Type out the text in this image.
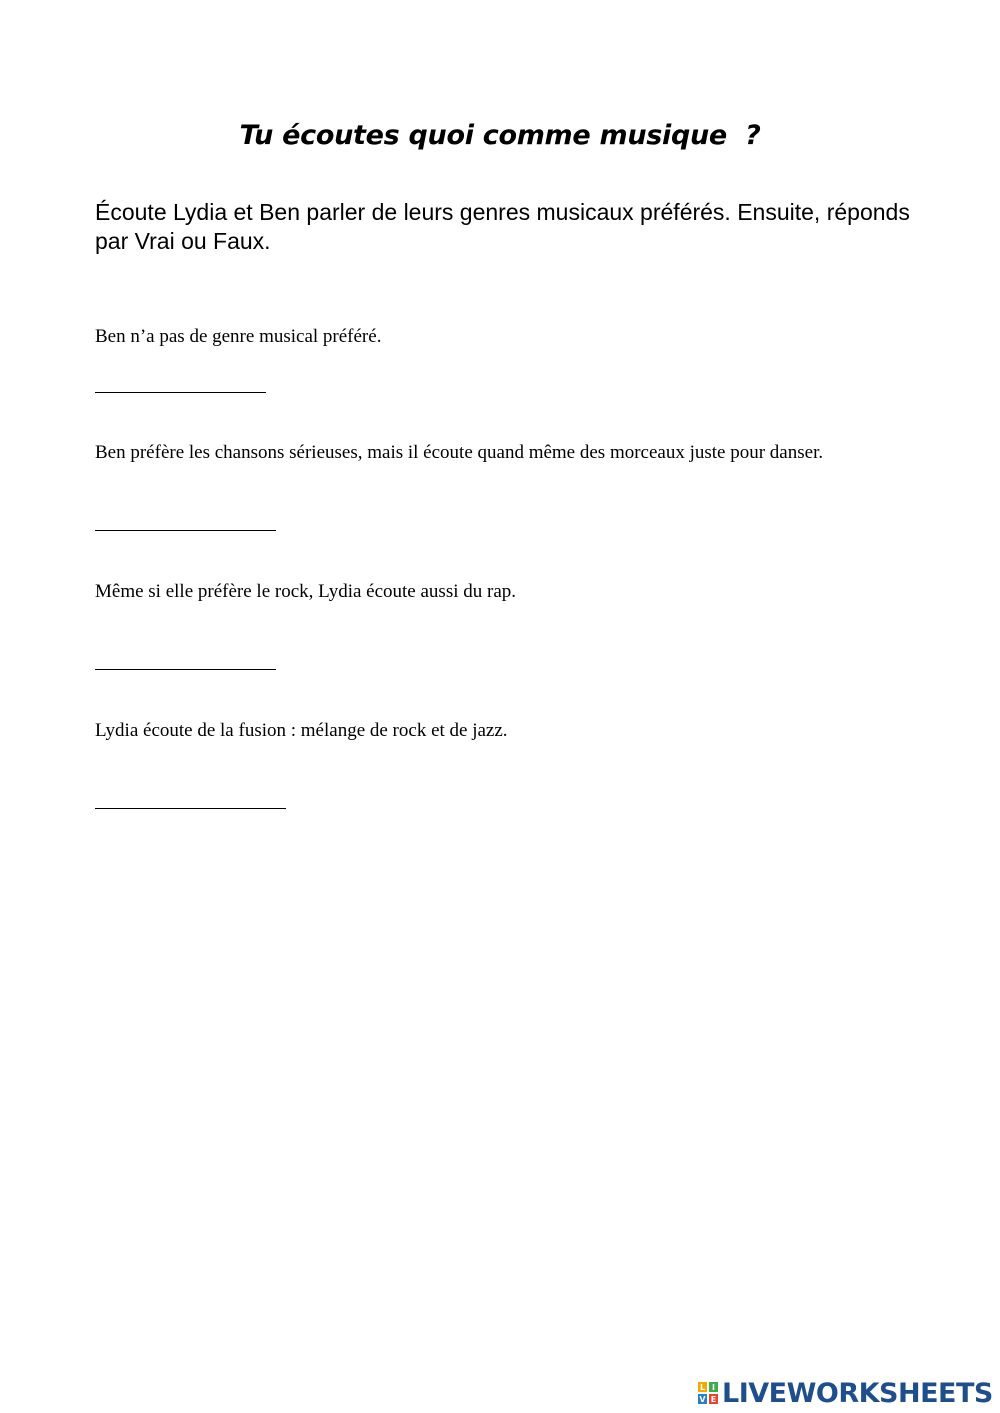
Tu écoutes quoi comme musique  ?
Écoute Lydia et Ben parler de leurs genres musicaux préférés. Ensuite, réponds par Vrai ou Faux.
Ben n’a pas de genre musical préféré.
Ben préfère les chansons sérieuses, mais il écoute quand même des morceaux juste pour danser.
Même si elle préfère le rock, Lydia écoute aussi du rap.
Lydia écoute de la fusion : mélange de rock et de jazz.
L I
V E LIVEWORKSHEETS
